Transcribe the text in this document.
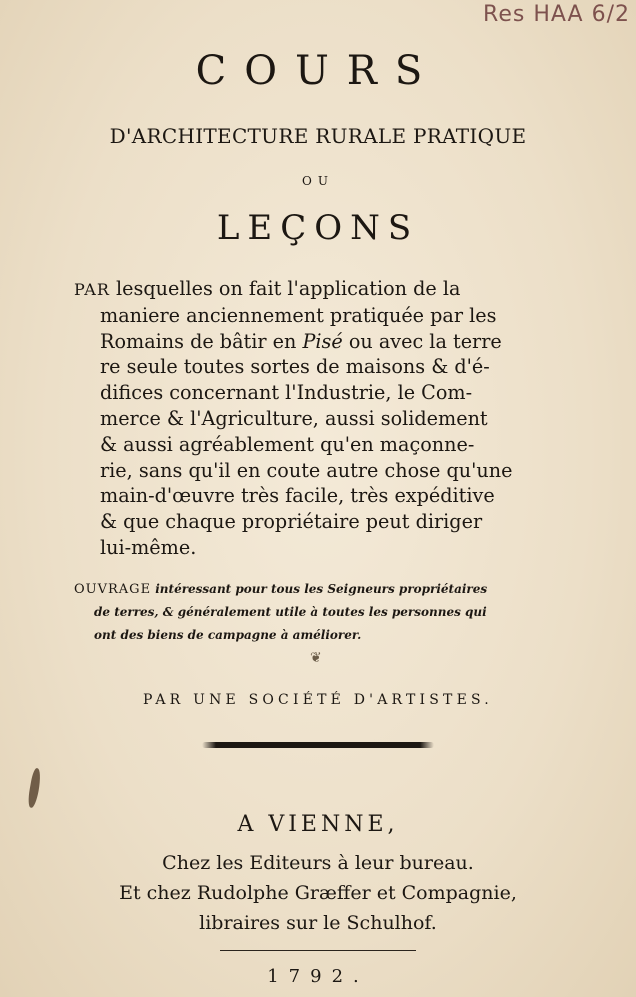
Res HAA 6/2
COURS
D'ARCHITECTURE RURALE PRATIQUE
OU
LEÇONS
PAR lesquelles on fait l'application de la
maniere anciennement pratiquée par les
Romains de bâtir en Pisé ou avec la terre
re seule toutes sortes de maisons & d'é-
difices concernant l'Industrie, le Com-
merce & l'Agriculture, aussi solidement
& aussi agréablement qu'en maçonne-
rie, sans qu'il en coute autre chose qu'une
main-d'œuvre très facile, très expéditive
& que chaque propriétaire peut diriger
lui-même.
OUVRAGE intéressant pour tous les Seigneurs propriétaires
de terres, & généralement utile à toutes les personnes qui
ont des biens de campagne à améliorer.
❦
PAR UNE SOCIÉTÉ D'ARTISTES.
A VIENNE,
Chez les Editeurs à leur bureau.
Et chez Rudolphe Græffer et Compagnie,
libraires sur le Schulhof.
1792.
